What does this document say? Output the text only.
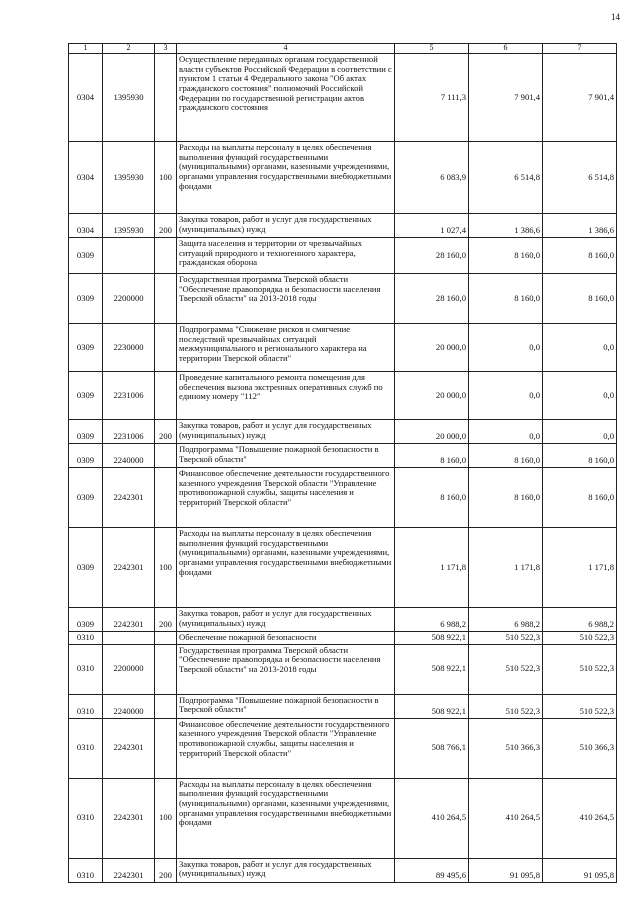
14
1	2	3	4	5	6	7
0304	1395930		Осуществление переданных органам государственной власти субъектов Российской Федерации в соответствии с пунктом 1 статьи 4 Федерального закона "Об актах гражданского состояния" полномочий Российской Федерации по государственной регистрации актов гражданского состояния	7 111,3	7 901,4	7 901,4
0304	1395930	100	Расходы на выплаты персоналу в целях обеспечения выполнения функций государственными (муниципальными) органами, казенными учреждениями, органами управления государственными внебюджетными фондами	6 083,9	6 514,8	6 514,8
0304	1395930	200	Закупка товаров, работ и услуг для государственных (муниципальных) нужд	1 027,4	1 386,6	1 386,6
0309			Защита населения и территории от чрезвычайных ситуаций природного и техногенного характера, гражданская оборона	28 160,0	8 160,0	8 160,0
0309	2200000		Государственная программа Тверской области "Обеспечение правопорядка и безопасности населения Тверской области" на 2013-2018 годы	28 160,0	8 160,0	8 160,0
0309	2230000		Подпрограмма "Снижение рисков и смягчение последствий чрезвычайных ситуаций межмуниципального и регионального характера на территории Тверской области"	20 000,0	0,0	0,0
0309	2231006		Проведение капитального ремонта помещения для обеспечения вызова экстренных оперативных служб по единому номеру "112"	20 000,0	0,0	0,0
0309	2231006	200	Закупка товаров, работ и услуг для государственных (муниципальных) нужд	20 000,0	0,0	0,0
0309	2240000		Подпрограмма "Повышение пожарной безопасности в Тверской области"	8 160,0	8 160,0	8 160,0
0309	2242301		Финансовое обеспечение деятельности государственного казенного учреждения Тверской области "Управление противопожарной службы, защиты населения и территорий Тверской области"	8 160,0	8 160,0	8 160,0
0309	2242301	100	Расходы на выплаты персоналу в целях обеспечения выполнения функций государственными (муниципальными) органами, казенными учреждениями, органами управления государственными внебюджетными фондами	1 171,8	1 171,8	1 171,8
0309	2242301	200	Закупка товаров, работ и услуг для государственных (муниципальных) нужд	6 988,2	6 988,2	6 988,2
0310			Обеспечение пожарной безопасности	508 922,1	510 522,3	510 522,3
0310	2200000		Государственная программа Тверской области "Обеспечение правопорядка и безопасности населения Тверской области" на 2013-2018 годы	508 922,1	510 522,3	510 522,3
0310	2240000		Подпрограмма "Повышение пожарной безопасности в Тверской области"	508 922,1	510 522,3	510 522,3
0310	2242301		Финансовое обеспечение деятельности государственного казенного учреждения Тверской области "Управление противопожарной службы, защиты населения и территорий Тверской области"	508 766,1	510 366,3	510 366,3
0310	2242301	100	Расходы на выплаты персоналу в целях обеспечения выполнения функций государственными (муниципальными) органами, казенными учреждениями, органами управления государственными внебюджетными фондами	410 264,5	410 264,5	410 264,5
0310	2242301	200	Закупка товаров, работ и услуг для государственных (муниципальных) нужд	89 495,6	91 095,8	91 095,8
